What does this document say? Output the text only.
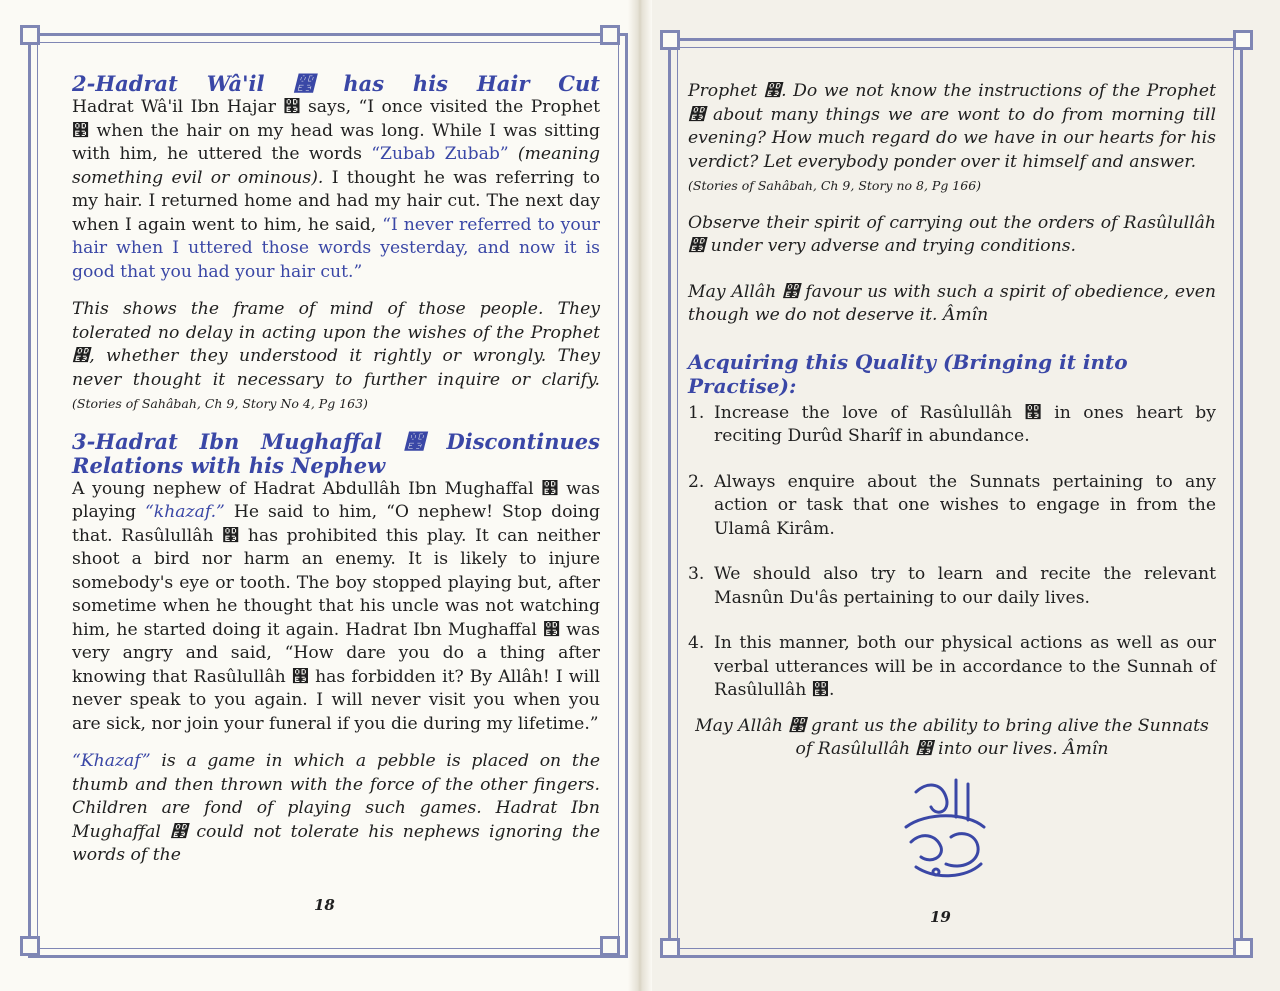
2-Hadrat Wâ'il ෣ has his Hair Cut

Hadrat Wâ'il Ibn Hajar ෣ says, “I once visited the Prophet ෣ when the hair on my head was long. While I was sitting with him, he uttered the words “Zubab Zubab” (meaning something evil or ominous). I thought he was referring to my hair. I returned home and had my hair cut. The next day when I again went to him, he said, “I never referred to your hair when I uttered those words yesterday, and now it is good that you had your hair cut.”

This shows the frame of mind of those people. They tolerated no delay in acting upon the wishes of the Prophet ෣, whether they understood it rightly or wrongly. They never thought it necessary to further inquire or clarify. (Stories of Sahâbah, Ch 9, Story No 4, Pg 163)

3-Hadrat Ibn Mughaffal ෣ Discontinues Relations with his Nephew

A young nephew of Hadrat Abdullâh Ibn Mughaffal ෣ was playing “khazaf.” He said to him, “O nephew! Stop doing that. Rasûlullâh ෣ has prohibited this play. It can neither shoot a bird nor harm an enemy. It is likely to injure somebody's eye or tooth. The boy stopped playing but, after sometime when he thought that his uncle was not watching him, he started doing it again. Hadrat Ibn Mughaffal ෣ was very angry and said, “How dare you do a thing after knowing that Rasûlullâh ෣ has forbidden it? By Allâh! I will never speak to you again. I will never visit you when you are sick, nor join your funeral if you die during my lifetime.”

“Khazaf” is a game in which a pebble is placed on the thumb and then thrown with the force of the other fingers. Children are fond of playing such games. Hadrat Ibn Mughaffal ෣ could not tolerate his nephews ignoring the words of the

18

Prophet ෣. Do we not know the instructions of the Prophet ෣ about many things we are wont to do from morning till evening? How much regard do we have in our hearts for his verdict? Let everybody ponder over it himself and answer.

(Stories of Sahâbah, Ch 9, Story no 8, Pg 166)

Observe their spirit of carrying out the orders of Rasûlullâh ෣ under very adverse and trying conditions.

May Allâh ෣ favour us with such a spirit of obedience, even though we do not deserve it. Âmîn

Acquiring this Quality (Bringing it into Practise):
1. Increase the love of Rasûlullâh ෣ in ones heart by reciting Durûd Sharîf in abundance.
2. Always enquire about the Sunnats pertaining to any action or task that one wishes to engage in from the Ulamâ Kirâm.
3. We should also try to learn and recite the relevant Masnûn Du'âs pertaining to our daily lives.
4. In this manner, both our physical actions as well as our verbal utterances will be in accordance to the Sunnah of Rasûlullâh ෣.

May Allâh ෣ grant us the ability to bring alive the Sunnats of Rasûlullâh ෣ into our lives. Âmîn

19
